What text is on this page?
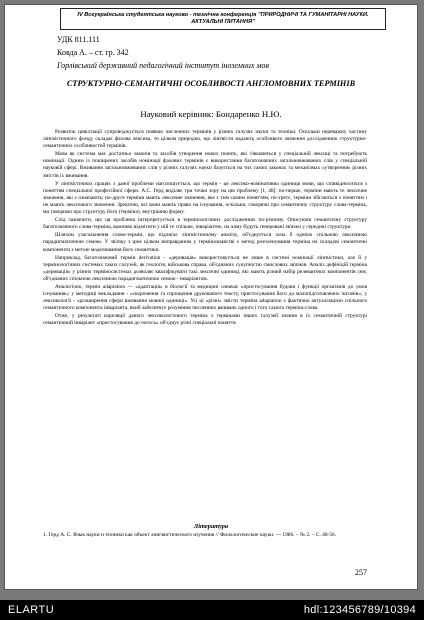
IV Всеукраїнська студентська науково - технічна конференція "ПРИРОДНИЧІ ТА ГУМАНІТАРНІ НАУКИ. АКТУАЛЬНІ ПИТАННЯ"
УДК 811.111
Ковда А. – ст. гр. 342
Горлівський державний педагогічний інститут іноземних мов
СТРУКТУРНО-СЕМАНТИЧНІ ОСОБЛИВОСТІ АНГЛОМОВНИХ ТЕРМІНІВ
Науковий керівник: Бондаренко Н.Ю.

Розвиток цивілізації супроводжується появою численних термінів у різних галузях науки та техніки. Оскільки переважну частину лінгвістичного фонду складає фахова лексика, то цілком природно, що лінгвісти надають особливого значення дослідженню структурно-семантичних особливостей термінів.

Мова як система має достатньо законів та засобів утворення нових понять, які з'являються у спеціальній лексиці та потребують номінації. Одним із поширених засобів номінації фахових термінів є використання багатозначних загальновживаних слів у спеціальній науковій сфері. Вживання загальновживаних слів у різних галузях науки базується на тих самих законах та механізмах «утворення» різних змістів їх вживання.

У лінгвістичних працях з даної проблеми наголошується, що термін - це лексико-номінативна одиниця мови, що співвідноситься з поняттям спеціальної професійної сфери. А.С. Герд виділяє три точки зору на цю проблему [1, 48]: по-перше, терміни мають те лексичне значення, які є означають; по-друге терміни мають лексичне значення, яке є тим самим поняттям; по-третє, терміни збігаються з поняттям і не мають лексичного значення. Зрештою, всі вони мають право на існування, оскільки, говорячи про семантичну структуру слова-терміна, ми говоримо про структуру його (терміна), внутрішню форму.

Слід зазначити, що ця проблема інтерпретується в термінологічних дослідженнях по-різному. Описуючи семантичну структуру багатозначного слова-терміна, важливо відмітити у ній те спільне, інваріантне, на чому будуть генеровані зв'язки у середині структури.

Шляхом узагальнення слово-термін, що підлягає лінгвістичному аналізу, об'єднується хоча б однією спільною лексичною парадигматичною семою. У зв'язку з цим цілком виправданим у термінознавстві є метод розчленування терміна на складові семантичні компоненти з метою моделювання його семантики.

Наприклад, багатозначний термін derivation - «деривація» використовується не лише в системі номінації лінгвістики, але й у термінологічних системах таких галузей, як геологія, військова справа, об'єднаних сукупністю смислових зв'язків. Аналіз дефініцій терміна «деривація» у різних терміносистемах дозволяє кваліфікувати такі лексичні одиниці, які мають різний набір релевантних компонентів сем, об'єднаних спільною лексичною парадигматичною семою - інваріантом.

Аналогічно, термін adaptation — «адаптація» в біології та медицині означає «пристосування будови і функції організмів до умов існування»; у методиці викладання - «скорочення та спрощення друкованого тексту, пристосування його до малопідготовлених читачів»; у лексикології - «розширення сфери вживання мовної одиниці». Усі ці «різні» змісти терміна adaptation є фактично актуалізацією спільного семантичного компонента інваріанта, який забезпечує розуміння численних вживань одного і того самого терміна-слова.

Отже, у результаті кореляції даного лексикологічного терміна з термінами інших галузей знання в їх семантичній структурі семантичний інваріант «пристосування до чогось» об'єднує різні спеціальні поняття.

Література

1. Герд А. С. Язык науки и техники как объект лингвистического изучения // Филологические науки. — 1986. – № 2. – С. 48-56.

257
ELARTU	hdl:123456789/10394
